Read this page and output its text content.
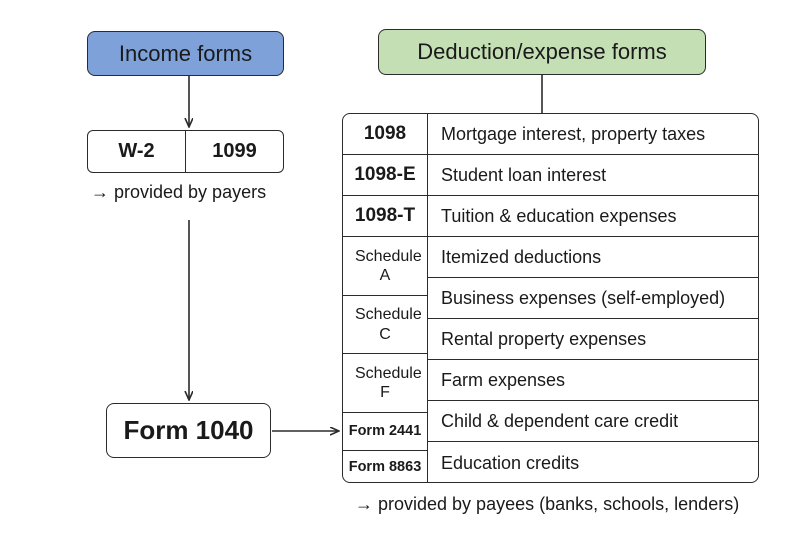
Income forms
W-2	1099
→ provided by payers
Form 1040
Deduction/expense forms
1098
1098-E
1098-T
Schedule A
Schedule C
Schedule F
Form 2441
Form 8863
Mortgage interest, property taxes
Student loan interest
Tuition & education expenses
Itemized deductions
Business expenses (self-employed)
Rental property expenses
Farm expenses
Child & dependent care credit
Education credits
→ provided by payees (banks, schools, lenders)
